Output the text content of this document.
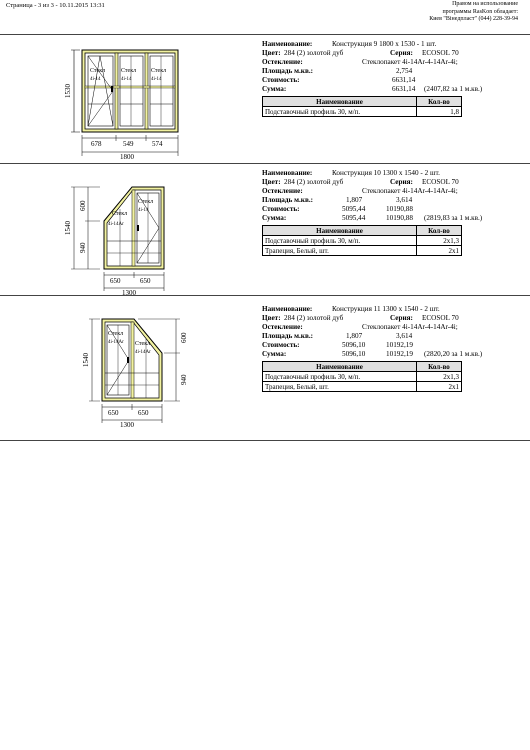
Страница - 3 из 3 - 10.11.2015 13:31	Правом на использование
программы RasKon обладает:
Киев "Вінедпласт" (044) 228-39-94
Стекл	Стекл Стекл
4i-14	4i-14	4i-14
1530
678	549	574
1800
Наименование:	Конструкция 9 1800 x 1530 - 1 шт.
Цвет: 284 (2) золотой дуб	Серия: ECOSOL 70
Остекление:	Стеклопакет 4i-14Ar-4-14Ar-4i;
Площадь м.кв.:	2,754
Стоимость:	6631,14
Сумма:	6631,14 (2407,82 за 1 м.кв.)
Наименование	Кол-во
Подставочный профиль 30, м/п.	1,8
Стекл
Стекл
4i-14Ar
4i-14
1540
600
940
650	650
1300
Наименование:	Конструкция 10 1300 x 1540 - 2 шт.
Цвет: 284 (2) золотой дуб	Серия: ECOSOL 70
Остекление:	Стеклопакет 4i-14Ar-4-14Ar-4i;
Площадь м.кв.:	1,807	3,614
Стоимость:	5095,44	10190,88
Сумма:	5095,44	10190,88 (2819,83 за 1 м.кв.)
Наименование	Кол-во
Подставочный профиль 30, м/п.	2x1,3
Трапеция, Белый, шт.	2x1
Стекл
Стекл
4i-14Ar
4i-14Ar
1540
600
940
650	650
1300
Наименование:	Конструкция 11 1300 x 1540 - 2 шт.
Цвет: 284 (2) золотой дуб	Серия: ECOSOL 70
Остекление:	Стеклопакет 4i-14Ar-4-14Ar-4i;
Площадь м.кв.:	1,807	3,614
Стоимость:	5096,10	10192,19
Сумма:	5096,10	10192,19 (2820,20 за 1 м.кв.)
Наименование	Кол-во
Подставочный профиль 30, м/п.	2x1,3
Трапеция, Белый, шт.	2x1
